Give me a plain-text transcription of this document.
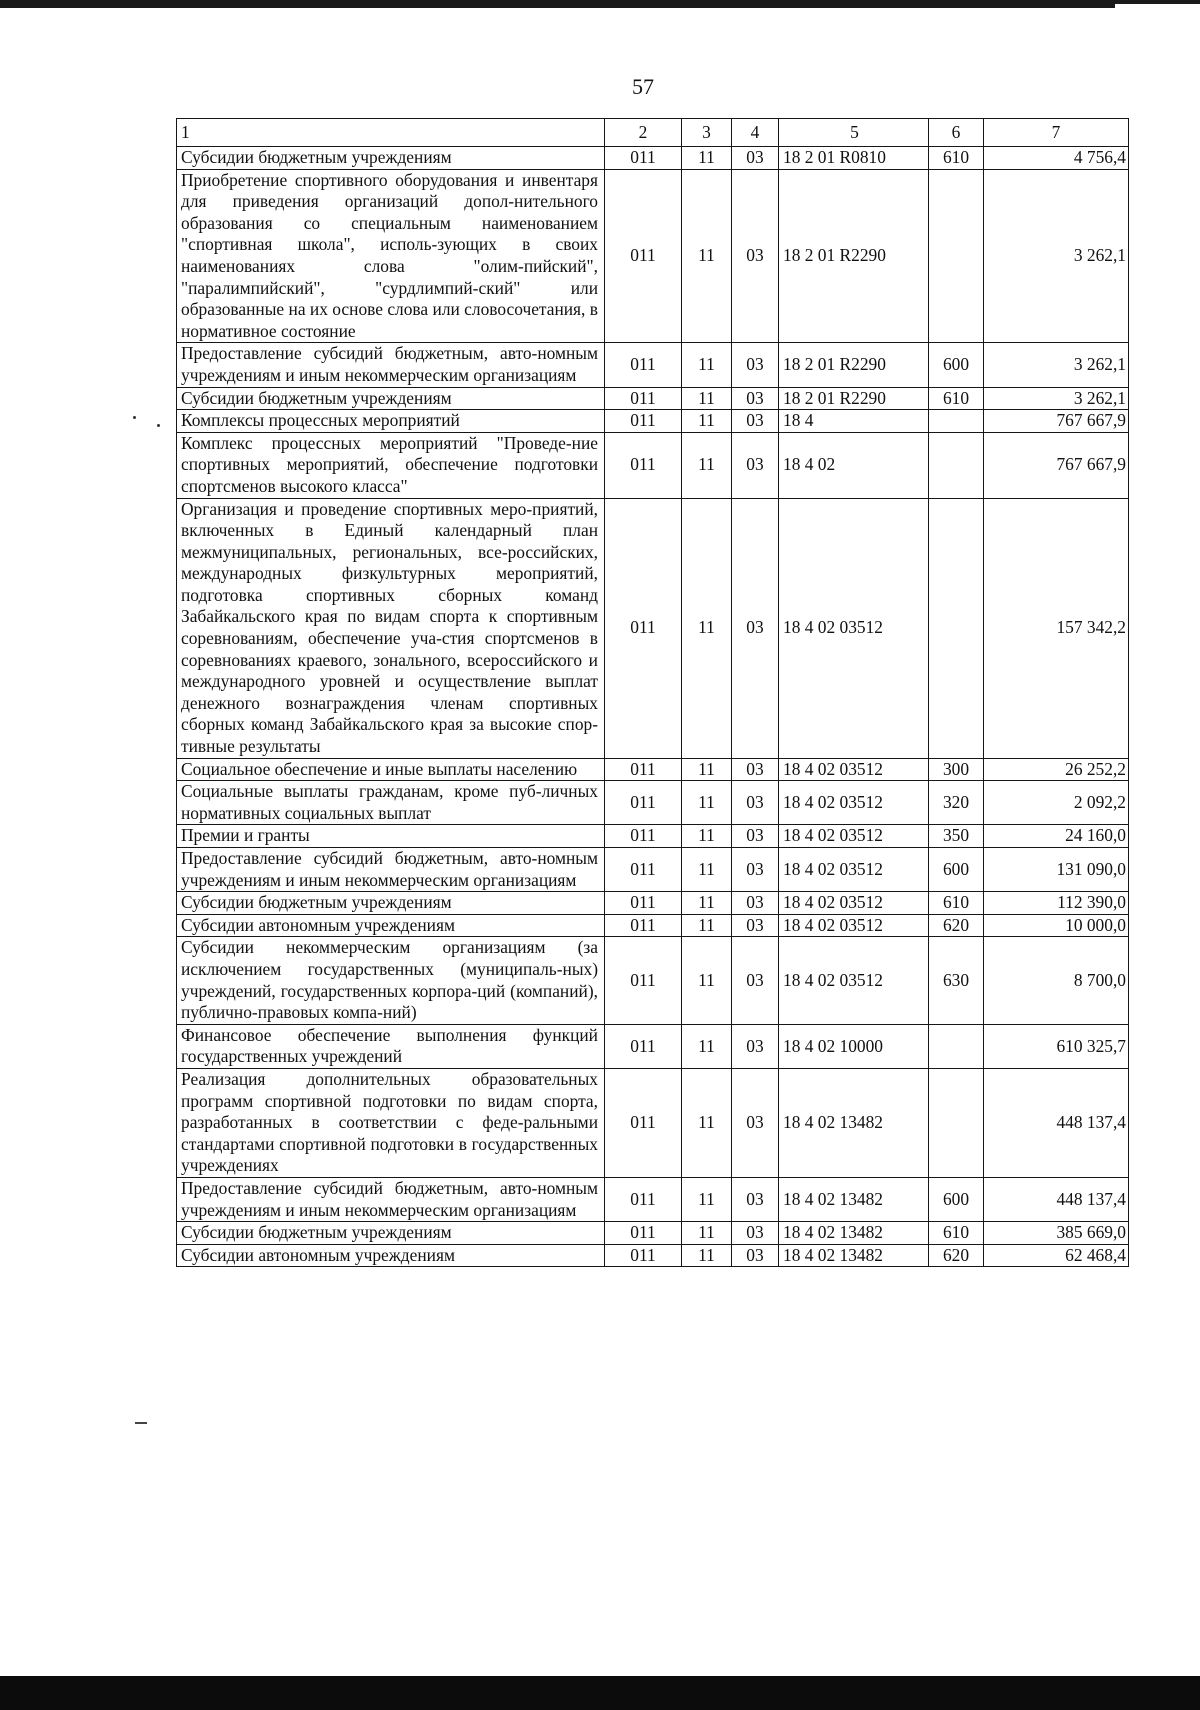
57
1	2	3	4	5	6	7
Субсидии бюджетным учреждениям	011	11	03	18 2 01 R0810	610	4 756,4
Приобретение спортивного оборудования и инвентаря для приведения организаций допол-нительного образования со специальным наименованием "спортивная школа", исполь-зующих в своих наименованиях слова "олим-пийский", "паралимпийский", "сурдлимпий-ский" или образованные на их основе слова или словосочетания, в нормативное состояние	011	11	03	18 2 01 R2290		3 262,1
Предоставление субсидий бюджетным, авто-номным учреждениям и иным некоммерческим организациям	011	11	03	18 2 01 R2290	600	3 262,1
Субсидии бюджетным учреждениям	011	11	03	18 2 01 R2290	610	3 262,1
Комплексы процессных мероприятий	011	11	03	18 4		767 667,9
Комплекс процессных мероприятий "Проведе-ние спортивных мероприятий, обеспечение подготовки спортсменов высокого класса"	011	11	03	18 4 02		767 667,9
Организация и проведение спортивных меро-приятий, включенных в Единый календарный план межмуниципальных, региональных, все-российских, международных физкультурных мероприятий, подготовка спортивных сборных команд Забайкальского края по видам спорта к спортивным соревнованиям, обеспечение уча-стия спортсменов в соревнованиях краевого, зонального, всероссийского и международного уровней и осуществление выплат денежного вознаграждения членам спортивных сборных команд Забайкальского края за высокие спор-тивные результаты	011	11	03	18 4 02 03512		157 342,2
Социальное обеспечение и иные выплаты населению	011	11	03	18 4 02 03512	300	26 252,2
Социальные выплаты гражданам, кроме пуб-личных нормативных социальных выплат	011	11	03	18 4 02 03512	320	2 092,2
Премии и гранты	011	11	03	18 4 02 03512	350	24 160,0
Предоставление субсидий бюджетным, авто-номным учреждениям и иным некоммерческим организациям	011	11	03	18 4 02 03512	600	131 090,0
Субсидии бюджетным учреждениям	011	11	03	18 4 02 03512	610	112 390,0
Субсидии автономным учреждениям	011	11	03	18 4 02 03512	620	10 000,0
Субсидии некоммерческим организациям (за исключением государственных (муниципаль-ных) учреждений, государственных корпора-ций (компаний), публично-правовых компа-ний)	011	11	03	18 4 02 03512	630	8 700,0
Финансовое обеспечение выполнения функций государственных учреждений	011	11	03	18 4 02 10000		610 325,7
Реализация дополнительных образовательных программ спортивной подготовки по видам спорта, разработанных в соответствии с феде-ральными стандартами спортивной подготовки в государственных учреждениях	011	11	03	18 4 02 13482		448 137,4
Предоставление субсидий бюджетным, авто-номным учреждениям и иным некоммерческим организациям	011	11	03	18 4 02 13482	600	448 137,4
Субсидии бюджетным учреждениям	011	11	03	18 4 02 13482	610	385 669,0
Субсидии автономным учреждениям	011	11	03	18 4 02 13482	620	62 468,4
